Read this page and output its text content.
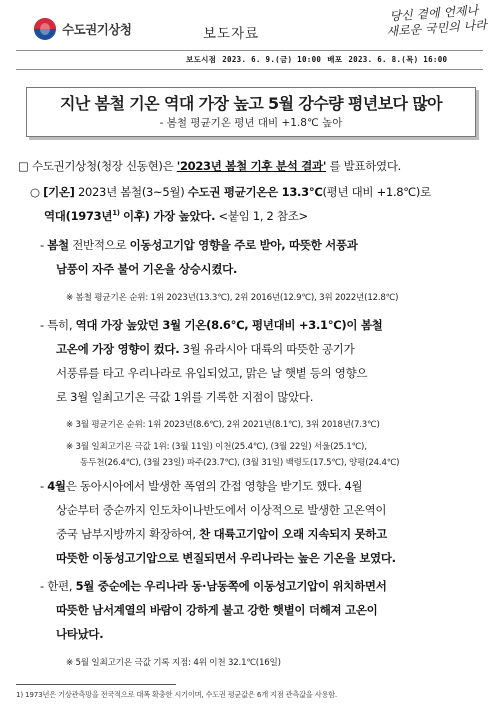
수도권기상청	보도자료
당신 곁에 언제나
새로운 국민의 나라
보도시점 2023. 6. 9.(금) 10:00 배포 2023. 6. 8.(목) 16:00
지난 봄철 기온 역대 가장 높고 5월 강수량 평년보다 많아
- 봄철 평균기온 평년 대비 +1.8℃ 높아
□ 수도권기상청(청장 신동현)은 '2023년 봄철 기후 분석 결과' 를 발표하였다.
○ [기온] 2023년 봄철(3~5월) 수도권 평균기온은 13.3℃(평년 대비 +1.8℃)로
역대(1973년$^{1)}$ 이후) 가장 높았다. <붙임 1, 2 참조>
- 봄철 전반적으로 이동성고기압 영향을 주로 받아, 따뜻한 서풍과
남풍이 자주 불어 기온을 상승시켰다.
※ 봄철 평균기온 순위: 1위 2023년(13.3℃), 2위 2016년(12.9℃), 3위 2022년(12.8℃)
- 특히, 역대 가장 높았던 3월 기온(8.6℃, 평년대비 +3.1℃)이 봄철
고온에 가장 영향이 컸다. 3월 유라시아 대륙의 따뜻한 공기가
서풍류를 타고 우리나라로 유입되었고, 맑은 날 햇볕 등의 영향으
로 3월 일최고기온 극값 1위를 기록한 지점이 많았다.
※ 3월 평균기온 순위: 1위 2023년(8.6℃), 2위 2021년(8.1℃), 3위 2018년(7.3℃)
※ 3월 일최고기온 극값 1위: (3월 11일) 이천(25.4℃), (3월 22일) 서울(25.1℃),
동두천(26.4℃), (3월 23일) 파주(23.7℃), (3월 31일) 백령도(17.5℃), 양평(24.4℃)
- 4월은 동아시아에서 발생한 폭염의 간접 영향을 받기도 했다. 4월
상순부터 중순까지 인도차이나반도에서 이상적으로 발생한 고온역이
중국 남부지방까지 확장하여, 찬 대륙고기압이 오래 지속되지 못하고
따뜻한 이동성고기압으로 변질되면서 우리나라는 높은 기온을 보였다.
- 한편, 5월 중순에는 우리나라 동·남동쪽에 이동성고기압이 위치하면서
따뜻한 남서계열의 바람이 강하게 불고 강한 햇볕이 더해져 고온이
나타났다.
※ 5월 일최고기온 극값 기록 지점: 4위 이천 32.1℃(16일)
1) 1973년은 기상관측망을 전국적으로 대폭 확충한 시기이며, 수도권 평균값은 6개 지점 관측값을 사용함.
